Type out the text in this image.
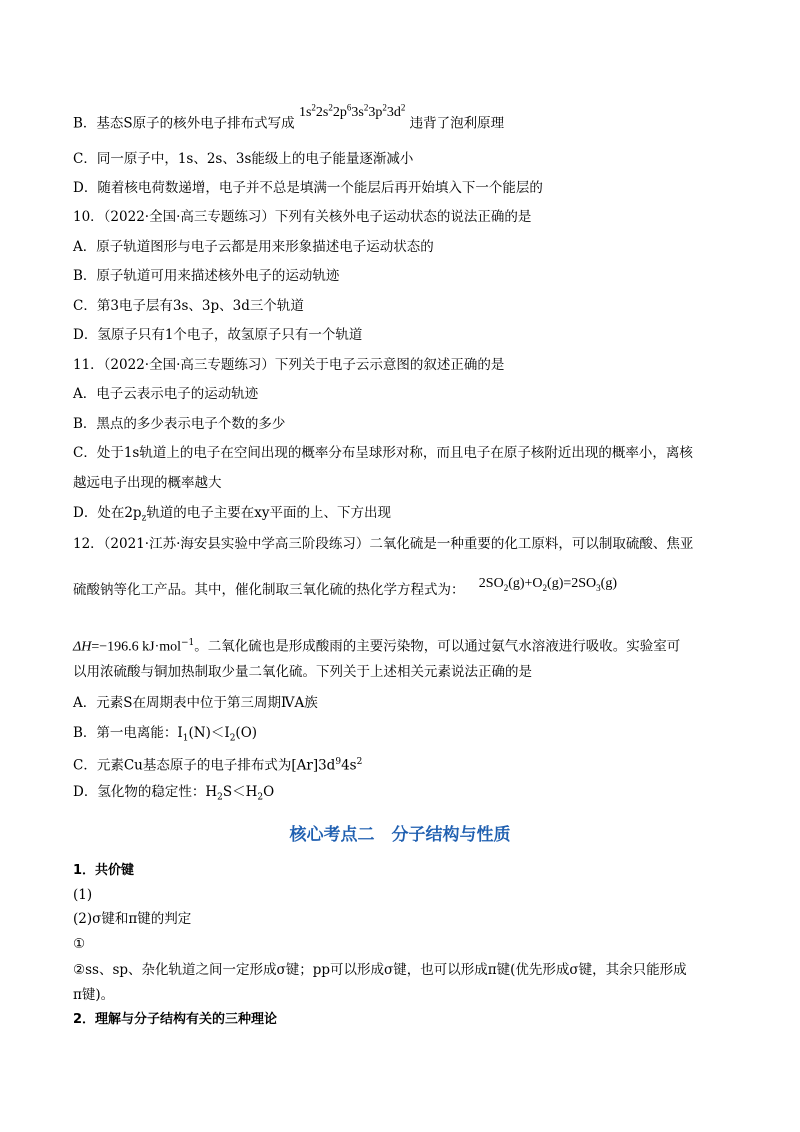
B．基态S原子的核外电子排布式写成 $1s^22s^22p^63s^23p^23d^2$ 违背了泡利原理
C．同一原子中，1s、2s、3s能级上的电子能量逐渐减小
D．随着核电荷数递增，电子并不总是填满一个能层后再开始填入下一个能层的
10．（2022·全国·高三专题练习）下列有关核外电子运动状态的说法正确的是
A．原子轨道图形与电子云都是用来形象描述电子运动状态的
B．原子轨道可用来描述核外电子的运动轨迹
C．第3电子层有3s、3p、3d三个轨道
D．氢原子只有1个电子，故氢原子只有一个轨道
11．（2022·全国·高三专题练习）下列关于电子云示意图的叙述正确的是
A．电子云表示电子的运动轨迹
B．黑点的多少表示电子个数的多少
C．处于1s轨道上的电子在空间出现的概率分布呈球形对称，而且电子在原子核附近出现的概率小，离核
越远电子出现的概率越大
D．处在$2p_z$轨道的电子主要在xy平面的上、下方出现
12．（2021·江苏·海安县实验中学高三阶段练习）二氧化硫是一种重要的化工原料，可以制取硫酸、焦亚
硫酸钠等化工产品。其中，催化制取三氧化硫的热化学方程式为： $2SO_2(g)+O_2(g)=2SO_3(g)$
ΔH=−196.6 kJ·mol$^{-1}$。二氧化硫也是形成酸雨的主要污染物，可以通过氨气水溶液进行吸收。实验室可
以用浓硫酸与铜加热制取少量二氧化硫。下列关于上述相关元素说法正确的是
A．元素S在周期表中位于第三周期ⅣA族
B．第一电离能：$I_1(N)<I_2(O)$
C．元素Cu基态原子的电子排布式为$[Ar]3d^94s^2$
D．氢化物的稳定性：$H_2S<H_2O$
核心考点二　分子结构与性质
1．共价键
(1)
(2)σ键和π键的判定
①
②ss、sp、杂化轨道之间一定形成σ键；pp可以形成σ键，也可以形成π键(优先形成σ键，其余只能形成
π键)。
2．理解与分子结构有关的三种理论
